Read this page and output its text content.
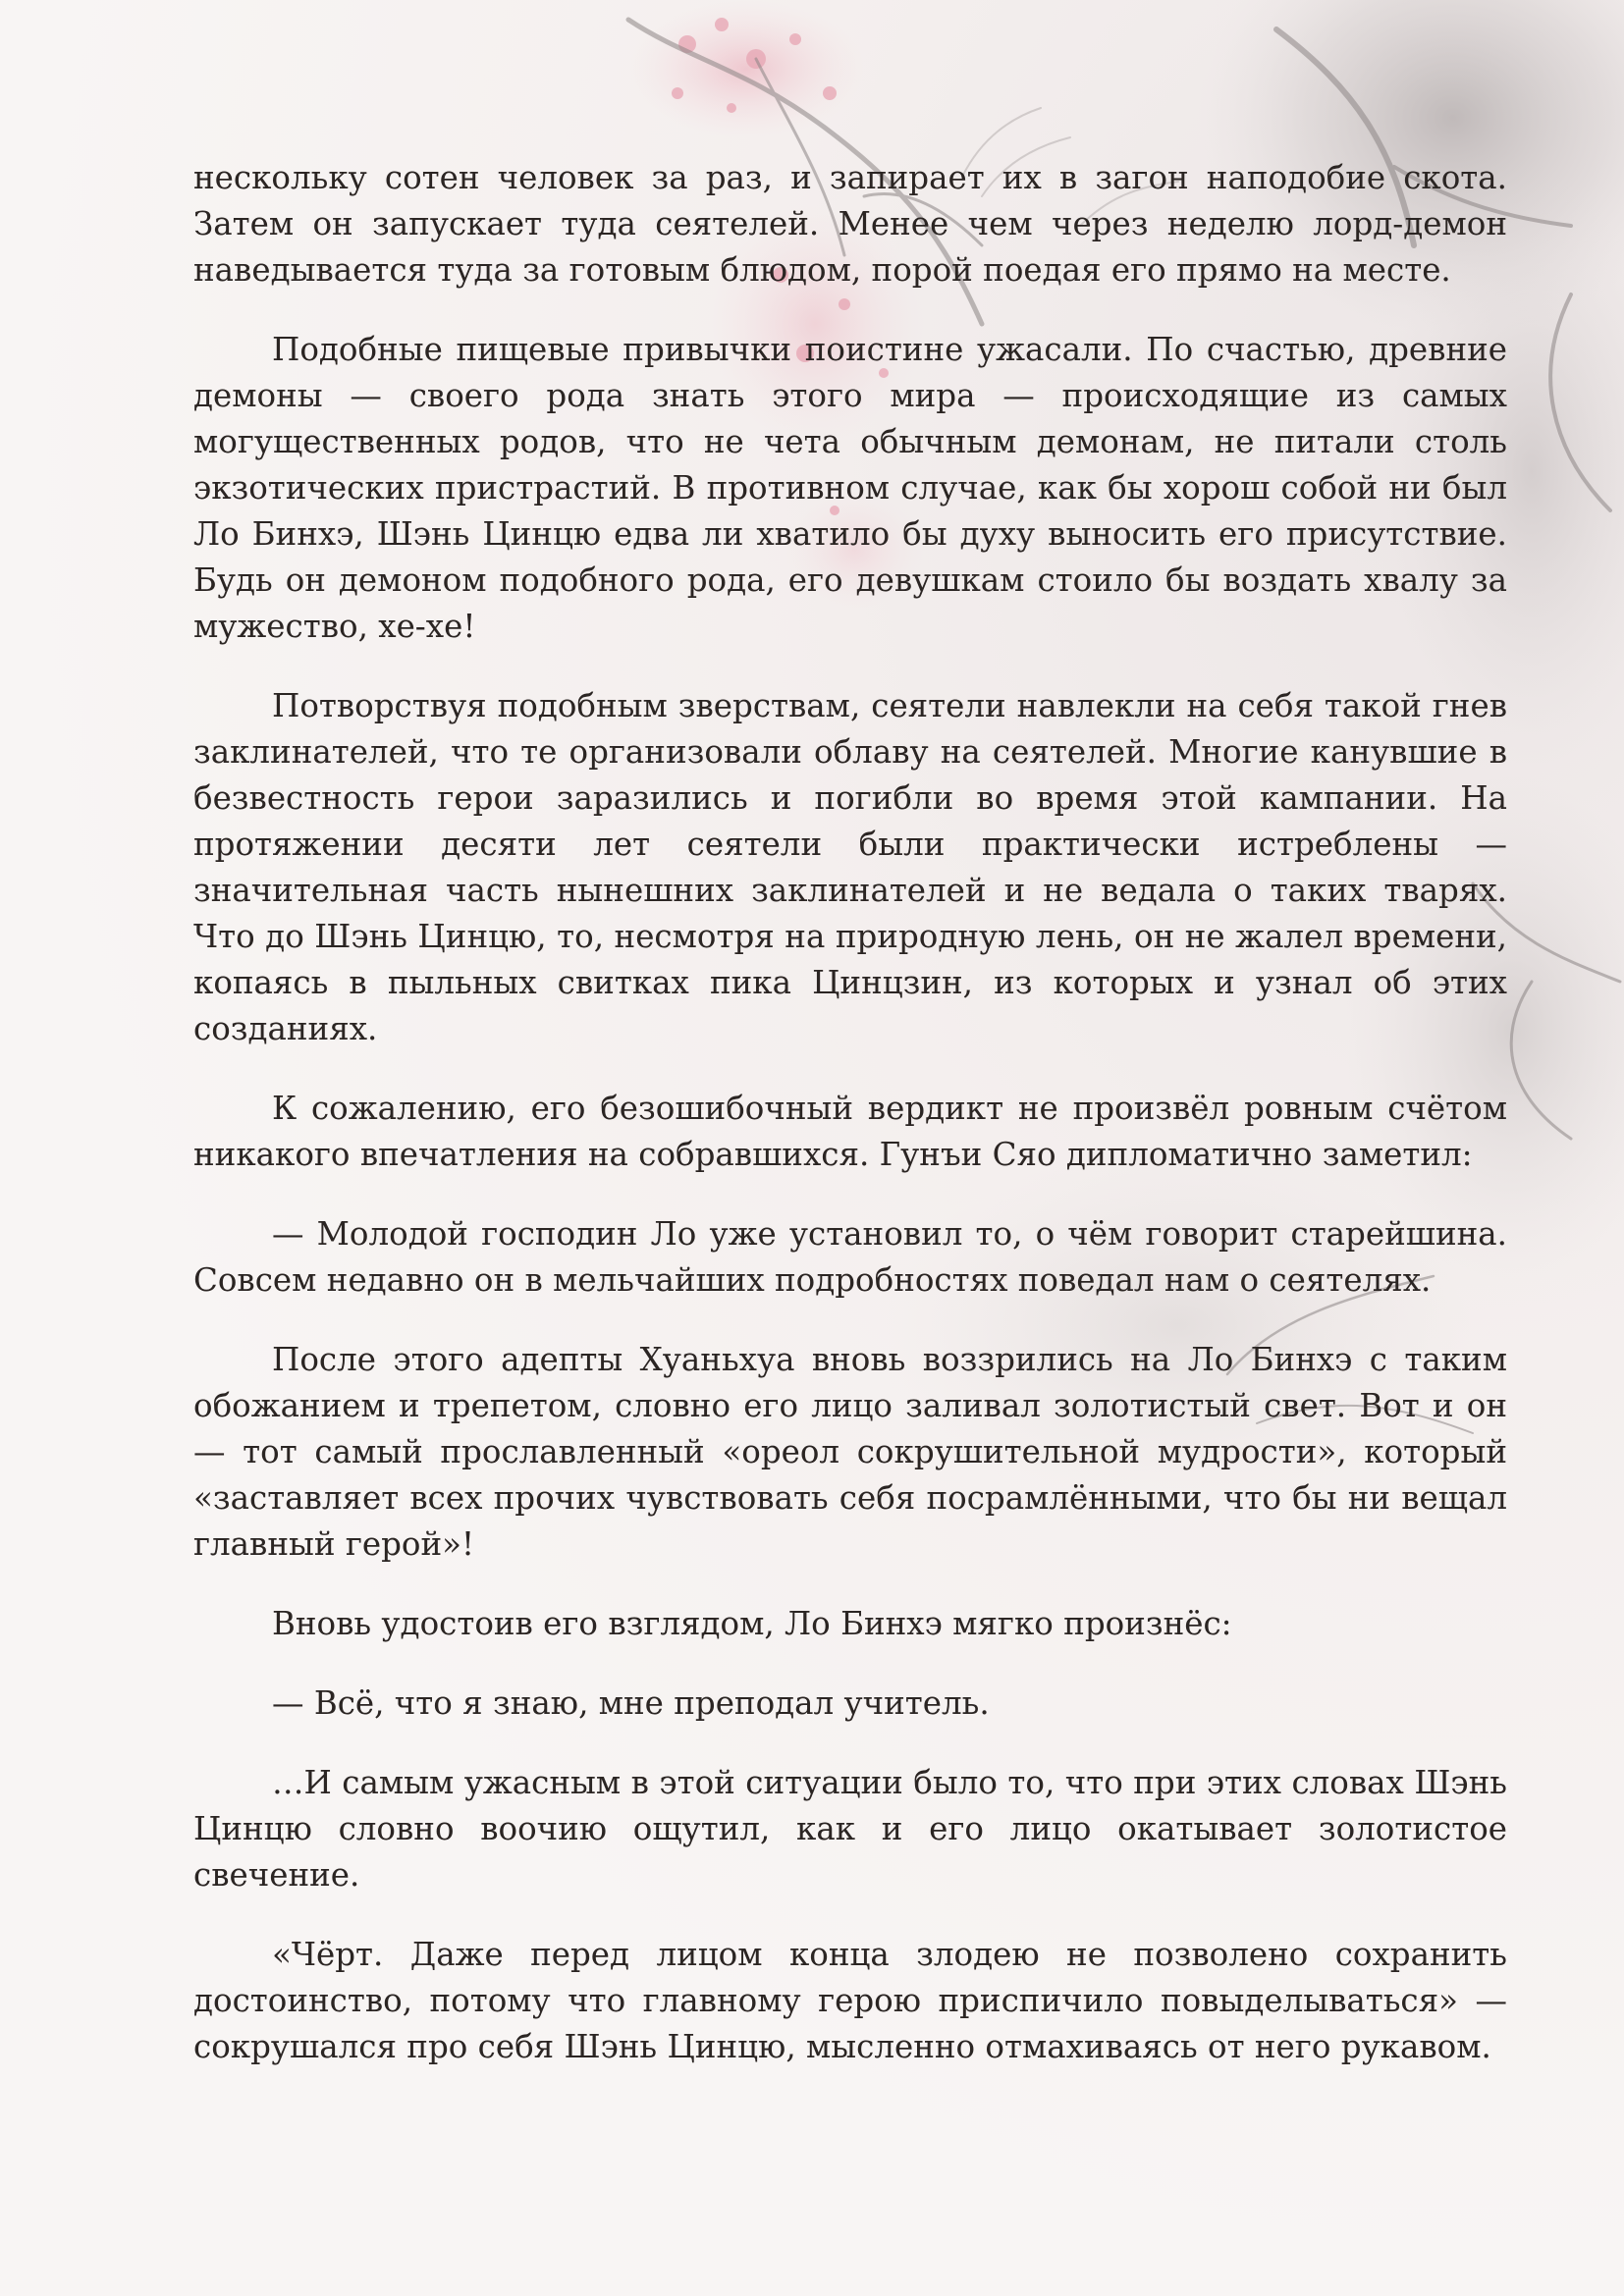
нескольку сотен человек за раз, и запирает их в загон наподобие скота. Затем он запускает туда сеятелей. Менее чем через неделю лорд-демон наведывается туда за готовым блюдом, порой поедая его прямо на месте.

Подобные пищевые привычки поистине ужасали. По счастью, древние демоны — своего рода знать этого мира — происходящие из самых могущественных родов, что не чета обычным демонам, не питали столь экзотических пристрастий. В противном случае, как бы хорош собой ни был Ло Бинхэ, Шэнь Цинцю едва ли хватило бы духу выносить его присутствие. Будь он демоном подобного рода, его девушкам стоило бы воздать хвалу за мужество, хе-хе!

Потворствуя подобным зверствам, сеятели навлекли на себя такой гнев заклинателей, что те организовали облаву на сеятелей. Многие канувшие в безвестность герои заразились и погибли во время этой кампании. На протяжении десяти лет сеятели были практически истреблены — значительная часть нынешних заклинателей и не ведала о таких тварях. Что до Шэнь Цинцю, то, несмотря на природную лень, он не жалел времени, копаясь в пыльных свитках пика Цинцзин, из которых и узнал об этих созданиях.

К сожалению, его безошибочный вердикт не произвёл ровным счётом никакого впечатления на собравшихся. Гунъи Сяо дипломатично заметил:

— Молодой господин Ло уже установил то, о чём говорит старейшина. Совсем недавно он в мельчайших подробностях поведал нам о сеятелях.

После этого адепты Хуаньхуа вновь воззрились на Ло Бинхэ с таким обожанием и трепетом, словно его лицо заливал золотистый свет. Вот и он — тот самый прославленный «ореол сокрушительной мудрости», который «заставляет всех прочих чувствовать себя посрамлёнными, что бы ни вещал главный герой»!

Вновь удостоив его взглядом, Ло Бинхэ мягко произнёс:

— Всё, что я знаю, мне преподал учитель.

…И самым ужасным в этой ситуации было то, что при этих словах Шэнь Цинцю словно воочию ощутил, как и его лицо окатывает золотистое свечение.

«Чёрт. Даже перед лицом конца злодею не позволено сохранить достоинство, потому что главному герою приспичило повыделываться» — сокрушался про себя Шэнь Цинцю, мысленно отмахиваясь от него рукавом.
